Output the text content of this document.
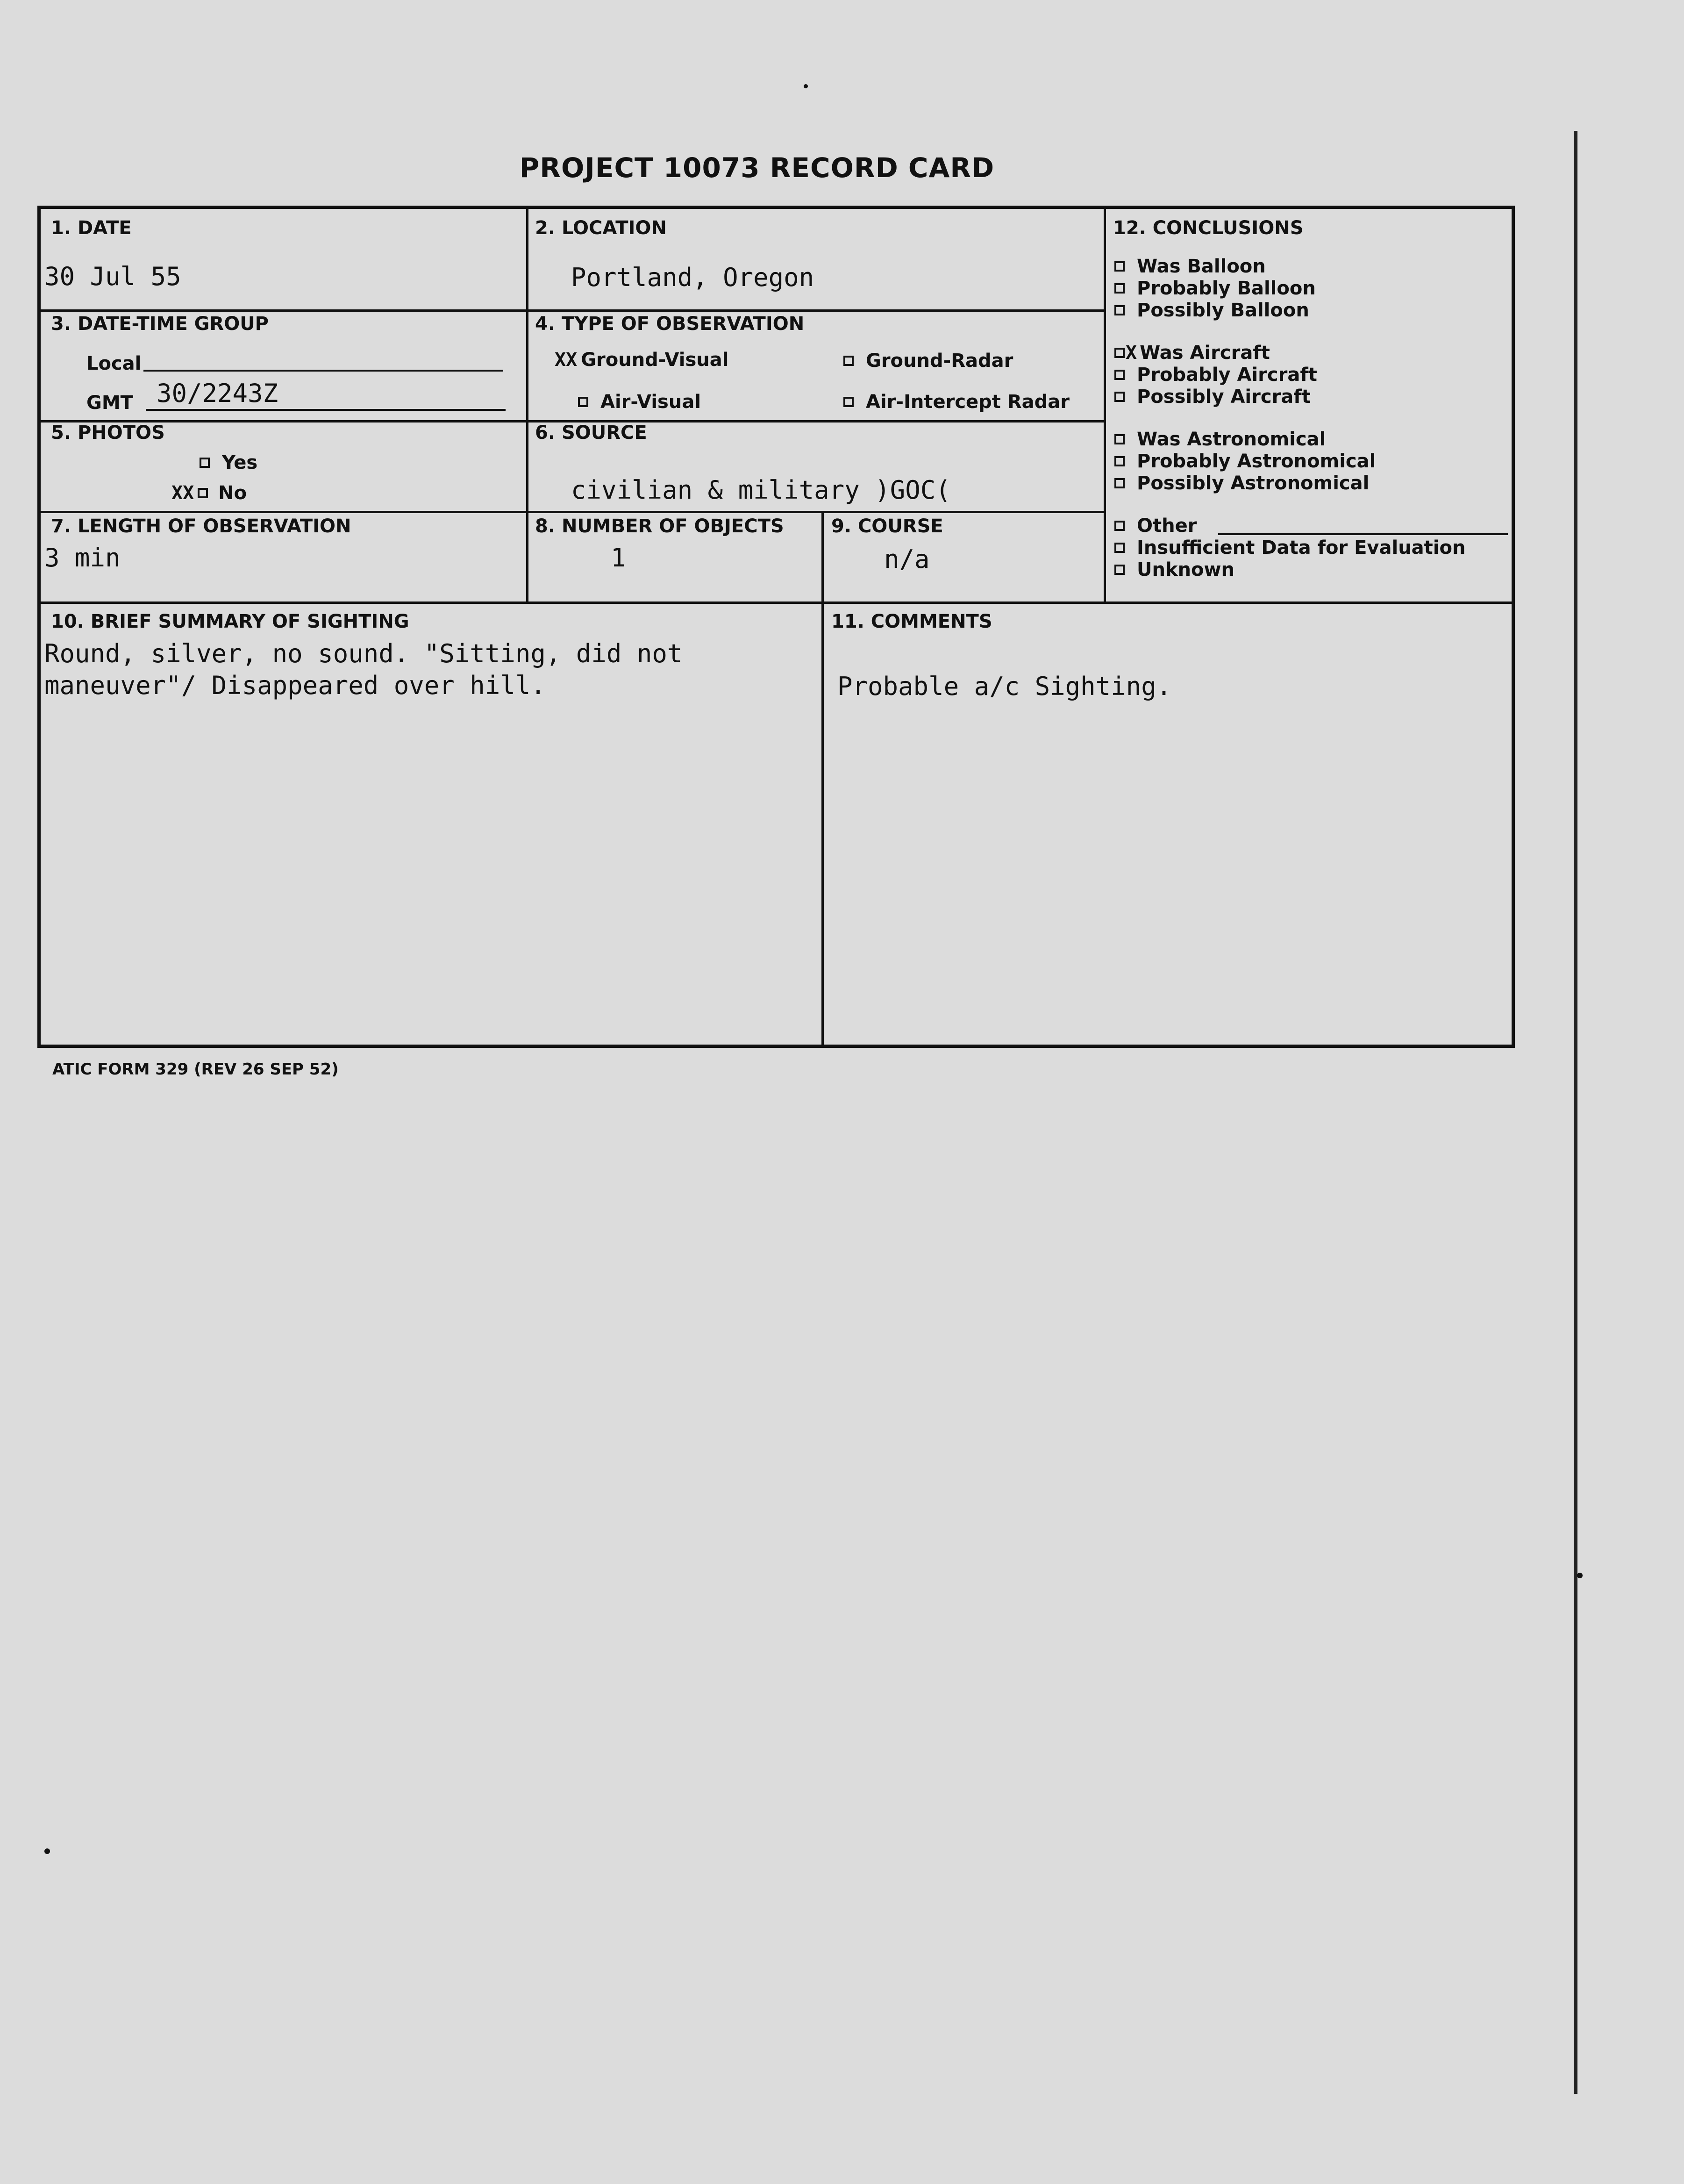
PROJECT 10073 RECORD CARD
1. DATE
30 Jul 55
2. LOCATION
Portland, Oregon
3. DATE-TIME GROUP
Local
GMT 30/2243Z
4. TYPE OF OBSERVATION
XX Ground-Visual	Ground-Radar
Air-Visual	Air-Intercept Radar
5. PHOTOS
Yes
XX No
6. SOURCE
civilian & military )GOC(
7. LENGTH OF OBSERVATION
3 min
8. NUMBER OF OBJECTS
1
9. COURSE
n/a
10. BRIEF SUMMARY OF SIGHTING
Round, silver, no sound. "Sitting, did not
maneuver"/ Disappeared over hill.
11. COMMENTS
Probable a/c Sighting.
12. CONCLUSIONS
Was Balloon
Probably Balloon
Possibly Balloon
X Was Aircraft
Probably Aircraft
Possibly Aircraft
Was Astronomical
Probably Astronomical
Possibly Astronomical
Other
Insufficient Data for Evaluation
Unknown
ATIC FORM 329 (REV 26 SEP 52)
